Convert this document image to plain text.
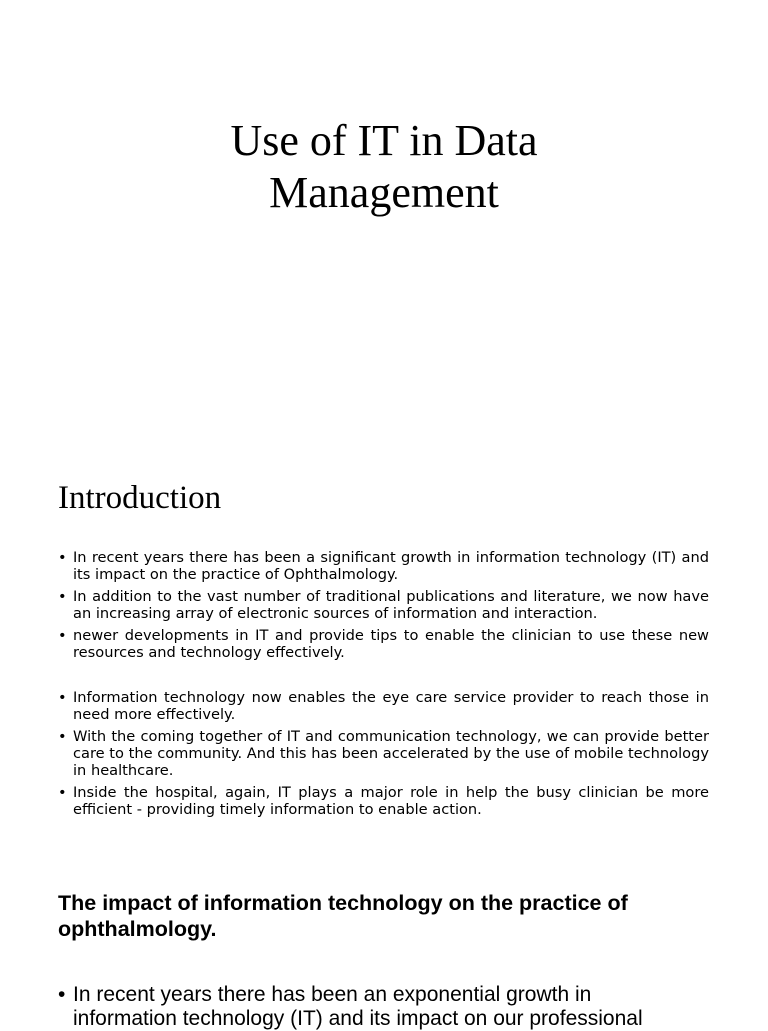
Use of IT in Data
Management
Introduction
• In recent years there has been a significant growth in information technology (IT) and its impact on the practice of Ophthalmology.
• In addition to the vast number of traditional publications and literature, we now have an increasing array of electronic sources of information and interaction.
• newer developments in IT and provide tips to enable the clinician to use these new resources and technology effectively.
• Information technology now enables the eye care service provider to reach those in need more effectively.
• With the coming together of IT and communication technology, we can provide better care to the community. And this has been accelerated by the use of mobile technology in healthcare.
• Inside the hospital, again, IT plays a major role in help the busy clinician be more efficient - providing timely information to enable action.
The impact of information technology on the practice of ophthalmology.
• In recent years there has been an exponential growth in information technology (IT) and its impact on our professional
